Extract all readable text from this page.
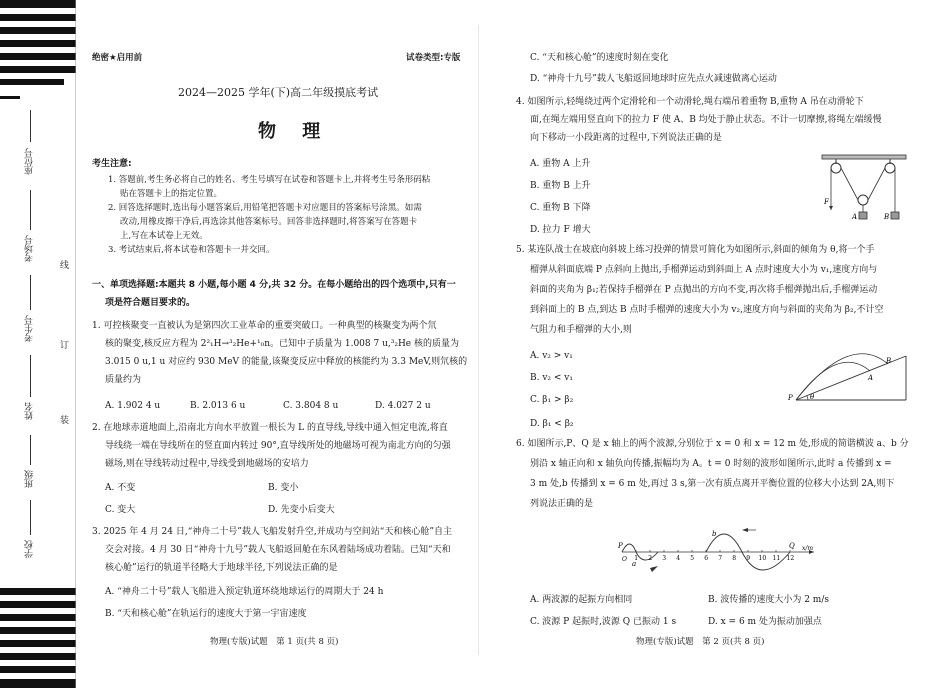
座位号
考场号
考生号
姓名
班级
学校
线
订
装
绝密★启用前	试卷类型:专版
2024—2025 学年(下)高二年级摸底考试
物 理
考生注意:
1. 答题前,考生务必将自己的姓名、考生号填写在试卷和答题卡上,并将考生号条形码粘
贴在答题卡上的指定位置。
2. 回答选择题时,选出每小题答案后,用铅笔把答题卡对应题目的答案标号涂黑。如需
改动,用橡皮擦干净后,再选涂其他答案标号。回答非选择题时,将答案写在答题卡
上,写在本试卷上无效。
3. 考试结束后,将本试卷和答题卡一并交回。
一、单项选择题:本题共 8 小题,每小题 4 分,共 32 分。在每小题给出的四个选项中,只有一
项是符合题目要求的。
1. 可控核聚变一直被认为是第四次工业革命的重要突破口。一种典型的核聚变为两个氘
核的聚变,核反应方程为 2²₁H→³₂He+¹₀n。已知中子质量为 1.008 7 u,³₂He 核的质量为
3.015 0 u,1 u 对应约 930 MeV 的能量,该聚变反应中释放的核能约为 3.3 MeV,则氘核的
质量约为
A. 1.902 4 u	B. 2.013 6 u	C. 3.804 8 u	D. 4.027 2 u
2. 在地球赤道地面上,沿南北方向水平放置一根长为 L 的直导线,导线中通入恒定电流,将直
导线绕一端在导线所在的竖直面内转过 90°,直导线所处的地磁场可视为南北方向的匀强
磁场,则在导线转动过程中,导线受到地磁场的安培力
A. 不变	B. 变小
C. 变大	D. 先变小后变大
3. 2025 年 4 月 24 日,“神舟二十号”载人飞船发射升空,并成功与空间站“天和核心舱”自主
交会对接。4 月 30 日“神舟十九号”载人飞船返回舱在东风着陆场成功着陆。已知“天和
核心舱”运行的轨道半径略大于地球半径,下列说法正确的是
A. “神舟二十号”载人飞船进入预定轨道环绕地球运行的周期大于 24 h
B. “天和核心舱”在轨运行的速度大于第一宇宙速度
物理(专版)试题　第 1 页(共 8 页)
C. “天和核心舱”的速度时刻在变化
D. “神舟十九号”载人飞船返回地球时应先点火减速做离心运动
4. 如图所示,轻绳绕过两个定滑轮和一个动滑轮,绳右端吊着重物 B,重物 A 吊在动滑轮下
面,在绳左端用竖直向下的拉力 F 使 A、B 均处于静止状态。不计一切摩擦,将绳左端缓慢
向下移动一小段距离的过程中,下列说法正确的是
A. 重物 A 上升
B. 重物 B 上升
C. 重物 B 下降
D. 拉力 F 增大
F
A	B
5. 某连队战士在坡底向斜坡上练习投弹的情景可简化为如图所示,斜面的倾角为 θ,将一个手
榴弹从斜面底端 P 点斜向上抛出,手榴弹运动到斜面上 A 点时速度大小为 v₁,速度方向与
斜面的夹角为 β₁;若保持手榴弹在 P 点抛出的方向不变,再次将手榴弹抛出后,手榴弹运动
到斜面上的 B 点,到达 B 点时手榴弹的速度大小为 v₂,速度方向与斜面的夹角为 β₂,不计空
气阻力和手榴弹的大小,则
A. v₂ > v₁
B. v₂ < v₁
C. β₁ > β₂
D. β₁ < β₂
P
A
B
θ
6. 如图所示,P、Q 是 x 轴上的两个波源,分别位于 x = 0 和 x = 12 m 处,形成的简谐横波 a、b 分
别沿 x 轴正向和 x 轴负向传播,振幅均为 A。t = 0 时刻的波形如图所示,此时 a 传播到 x =
3 m 处,b 传播到 x = 6 m 处,再过 3 s,第一次有质点离开平衡位置的位移大小达到 2A,则下
列说法正确的是
1 2 3 4 5 6 7 8 9 10 11 12
P	Q
O
a
b
x/m
A. 两波源的起振方向相同	B. 波传播的速度大小为 2 m/s
C. 波源 P 起振时,波源 Q 已振动 1 s	D. x = 6 m 处为振动加强点
物理(专版)试题　第 2 页(共 8 页)
